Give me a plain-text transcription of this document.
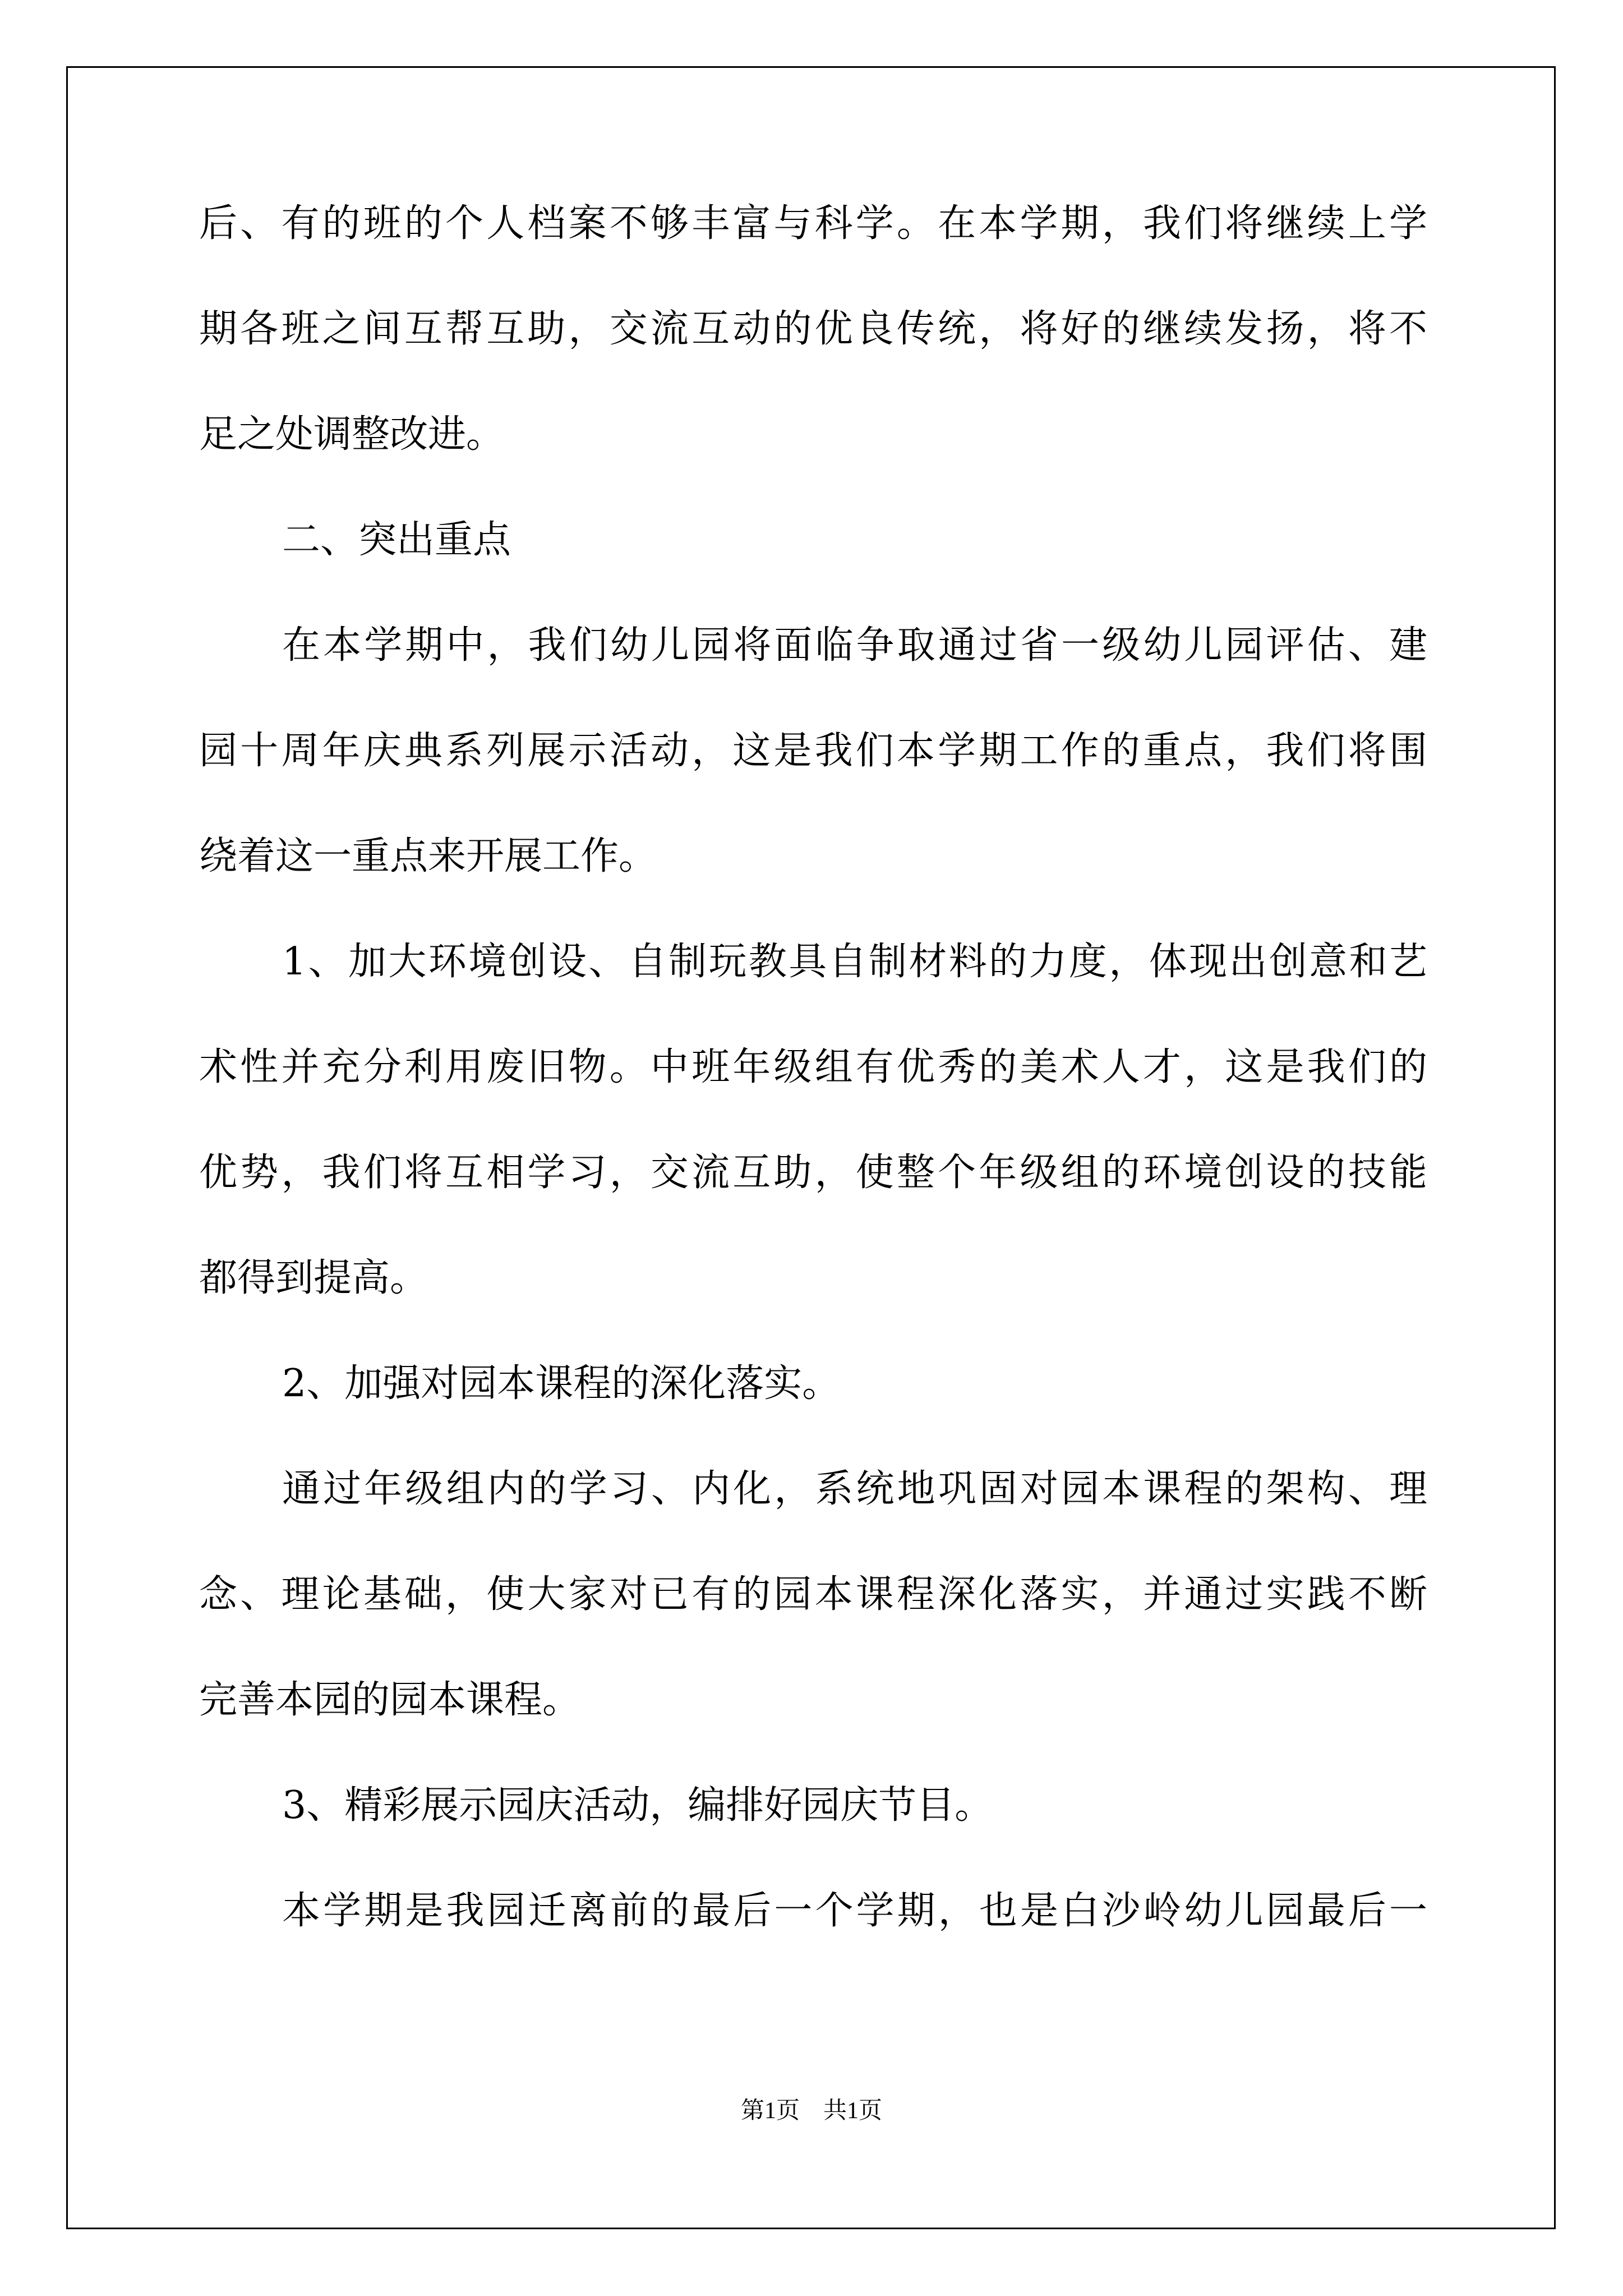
后、有的班的个人档案不够丰富与科学。在本学期，我们将继续上学
期各班之间互帮互助，交流互动的优良传统，将好的继续发扬，将不
足之处调整改进。
二、突出重点
在本学期中，我们幼儿园将面临争取通过省一级幼儿园评估、建
园十周年庆典系列展示活动，这是我们本学期工作的重点，我们将围
绕着这一重点来开展工作。
1、加大环境创设、自制玩教具自制材料的力度，体现出创意和艺
术性并充分利用废旧物。中班年级组有优秀的美术人才，这是我们的
优势，我们将互相学习，交流互助，使整个年级组的环境创设的技能
都得到提高。
2、加强对园本课程的深化落实。
通过年级组内的学习、内化，系统地巩固对园本课程的架构、理
念、理论基础，使大家对已有的园本课程深化落实，并通过实践不断
完善本园的园本课程。
3、精彩展示园庆活动，编排好园庆节目。
本学期是我园迁离前的最后一个学期，也是白沙岭幼儿园最后一
第1页　共1页
